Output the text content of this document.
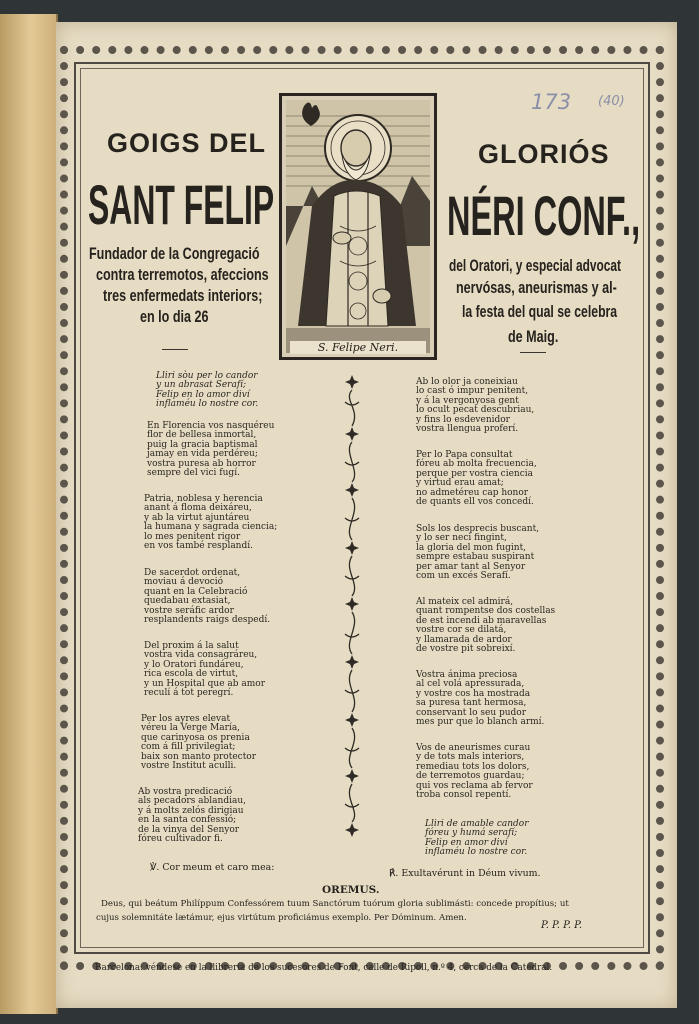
173 (40)
GOIGS DEL	GLORIÓS
SANT FELIP	NÉRI CONF.,
Fundador de la Congregació
contra terremotos, afeccions
tres enfermedats interiors;
en lo dia 26
del Oratori, y especial advocat
nervósas, aneurismas y al-
la festa del qual se celebra
de Maig.
S. Felipe Neri.
Lliri sòu per lo candor
y un abrasat Serafí;
Felip en lo amor diví
inflaméu lo nostre cor.
En Florencia vos nasquéreu
flor de bellesa inmortal,
puig la gracia baptismal
jamay en vida perdéreu;
vostra puresa ab horror
sempre del vici fugí.
Patria, noblesa y herencia
anant á floma deixáreu,
y ab la virtut ajuntáreu
la humana y sagrada ciencia;
lo mes penitent rigor
en vos també resplandí.
De sacerdot ordenat,
moviau á devoció
quant en la Celebració
quedabau extasiat,
vostre seráfic ardor
resplandents raigs despedí.
Del proxim á la salut
vostra vida consagráreu,
y lo Oratori fundáreu,
rica escola de virtut,
y un Hospital que ab amor
reculí á tot peregrí.
Per los ayres elevat
véreu la Verge María,
que carinyosa os prenia
com á fill privilegiat;
baix son manto protector
vostre Institut aculli.
Ab vostra predicació
als pecadors ablandiau,
y á molts zelós dirigiau
en la santa confessió;
de la vinya del Senyor
fóreu cultivador fi.
Ab lo olor ja coneixiau
lo cast ó impur penitent,
y á la vergonyosa gent
lo ocult pecat descubriau,
y fins lo esdevenidor
vostra llengua proferí.
Per lo Papa consultat
fóreu ab molta frecuencia,
perque per vostra ciencia
y virtud erau amat;
no admetéreu cap honor
de quants ell vos concedí.
Sols los desprecis buscant,
y lo ser neci fingint,
la gloria del mon fugint,
sempre estabau suspirant
per amar tant al Senyor
com un excés Serafí.
Al mateix cel admirá,
quant rompentse dos costellas
de est incendi ab maravellas
vostre cor se dilatá,
y llamarada de ardor
de vostre pit sobreixí.
Vostra ánima preciosa
al cel volá apressurada,
y vostre cos ha mostrada
sa puresa tant hermosa,
conservant lo seu pudor
mes pur que lo blanch armí.
Vos de aneurismes curau
y de tots mals interiors,
remediau tots los dolors,
de terremotos guardau;
qui vos reclama ab fervor
troba consol repentí.
Lliri de amable candor
fóreu y humá serafí;
Felip en amor diví
inflaméu lo nostre cor.
℣. Cor meum et caro mea:
℟. Exultavérunt in Déum vivum.
OREMUS.
Deus, qui beátum Philíppum Confessórem tuum Sanctórum tuórum gloria sublimásti: concede propítius; ut
cujus solemnitáte lætámur, ejus virtútum proficiámus exemplo. Per Dóminum. Amen.
P. P. P. P.
Barcelona: véndese en la llibrería de los sucesores de Font, calle de Ripoll, n.º 4, cerca de la Catedral.
